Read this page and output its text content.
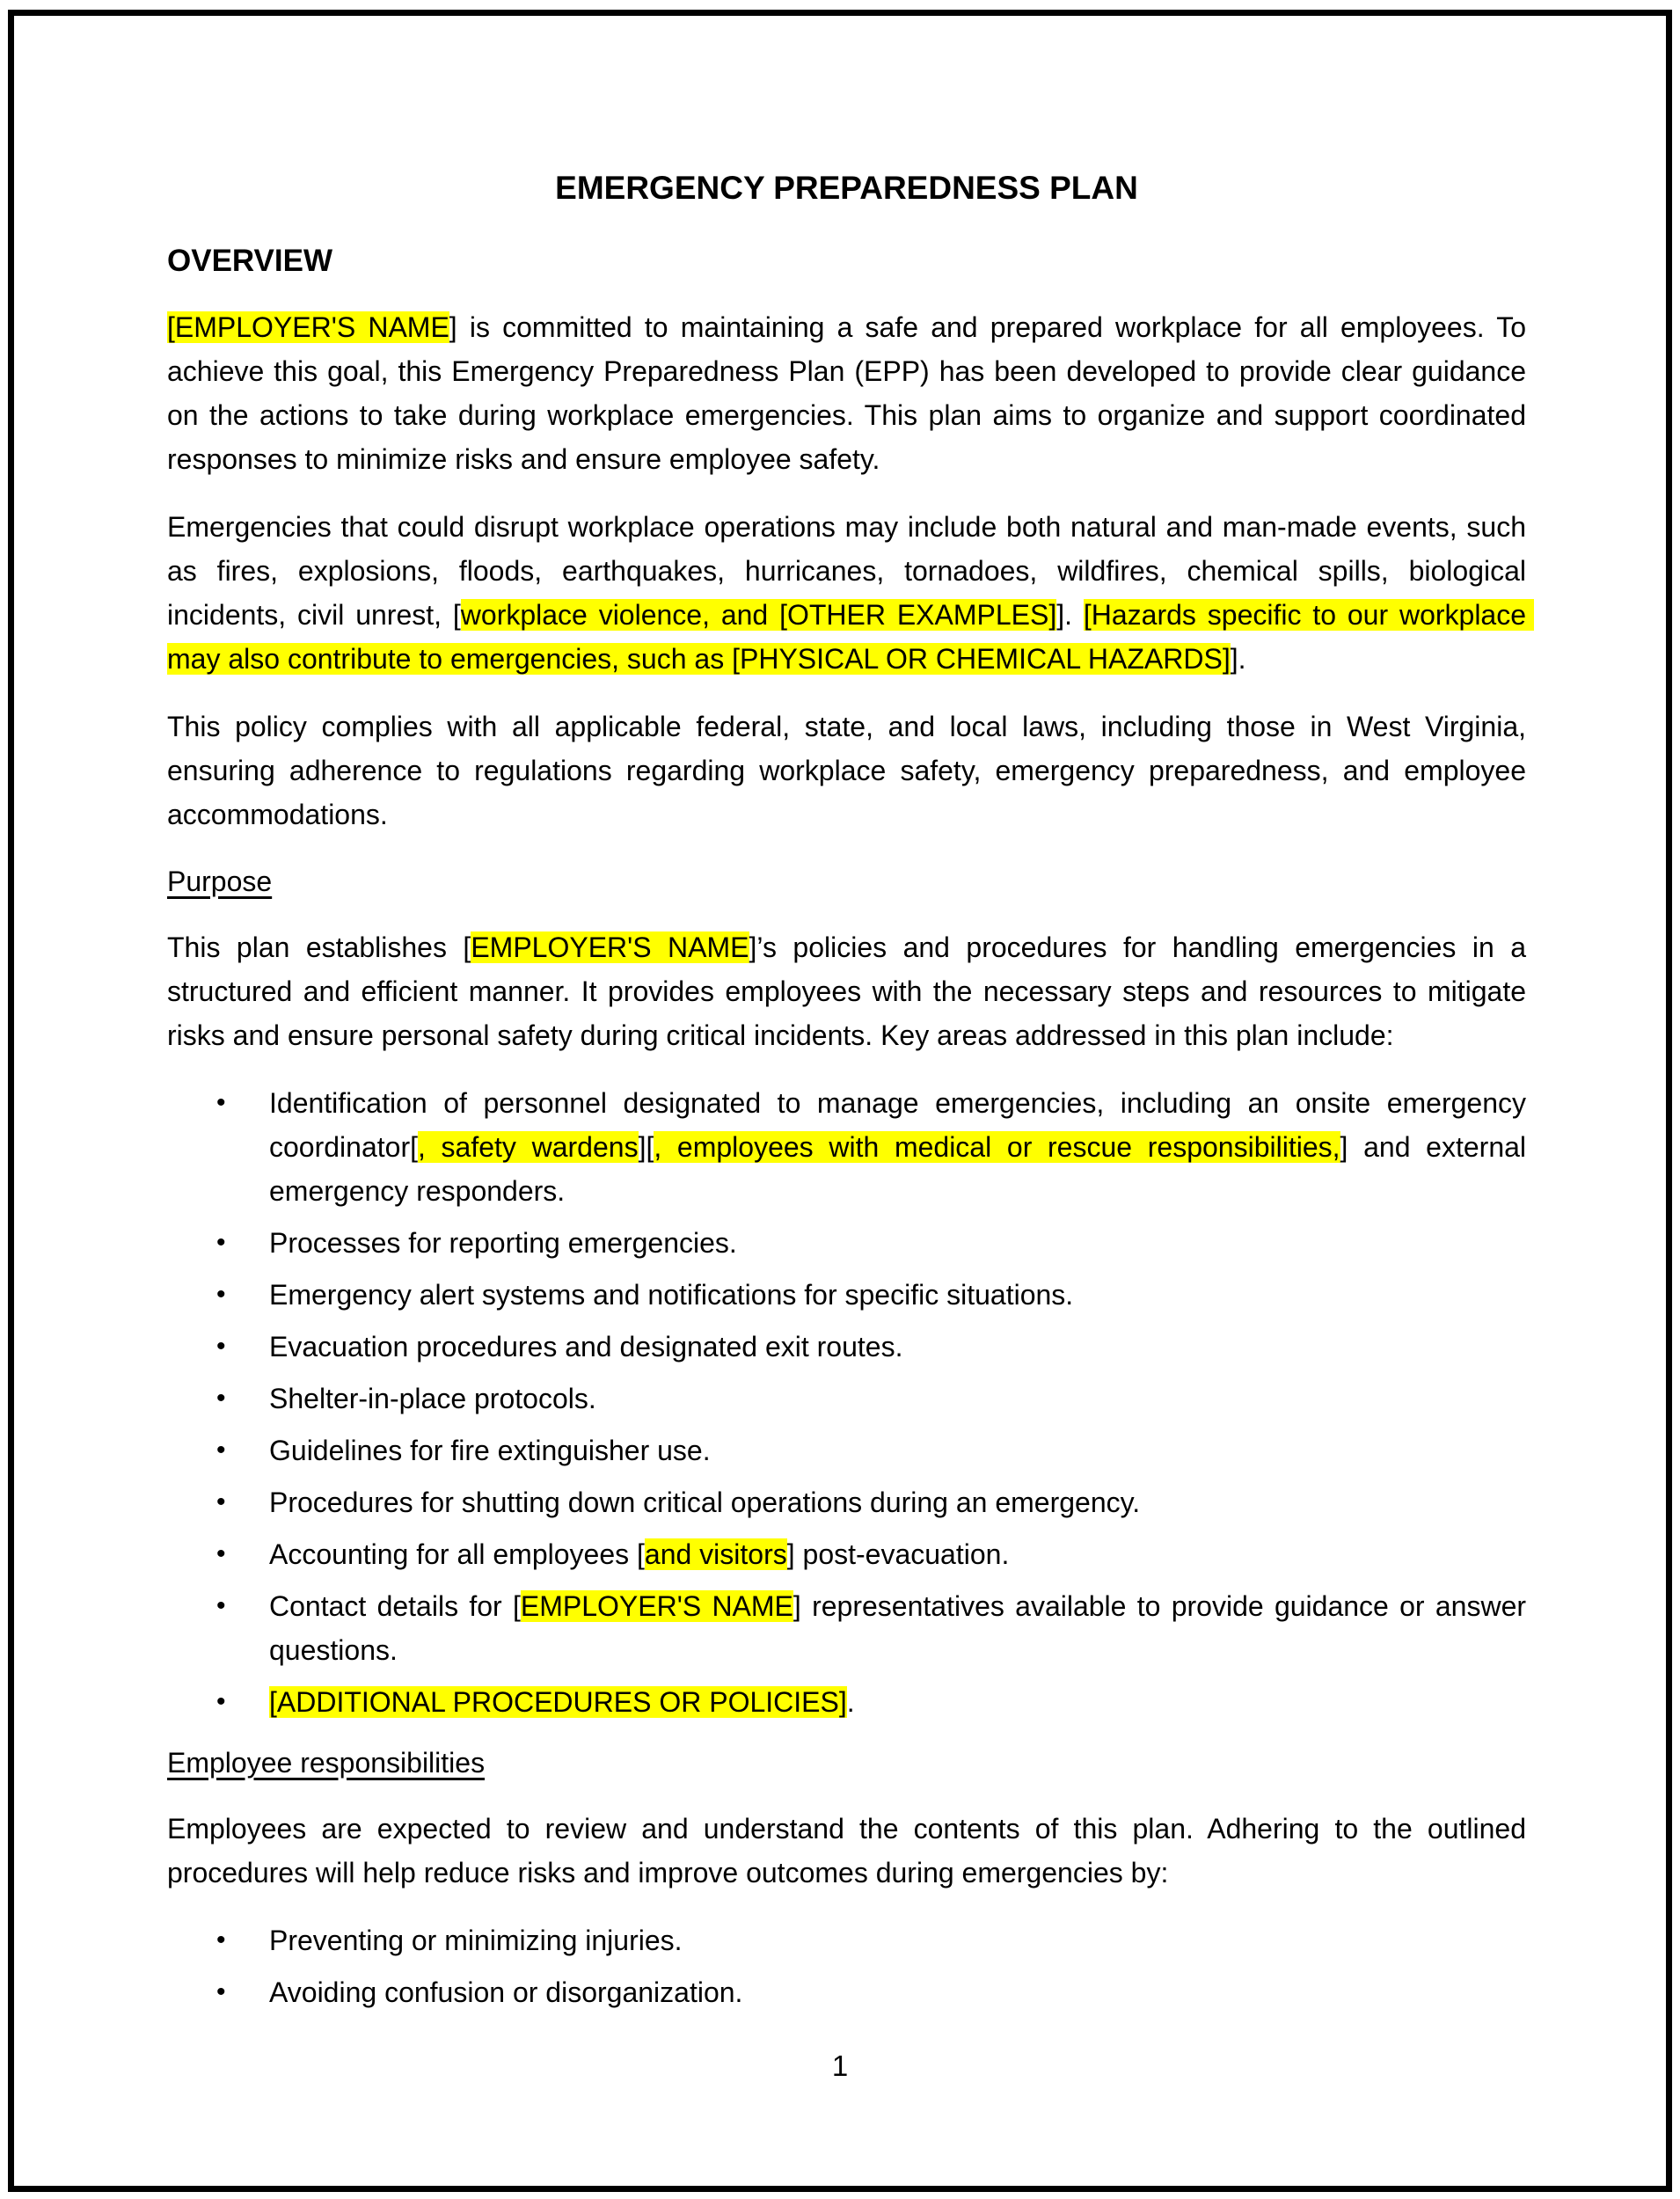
EMERGENCY PREPAREDNESS PLAN
OVERVIEW

[EMPLOYER'S NAME] is committed to maintaining a safe and prepared workplace for all employees. To achieve this goal, this Emergency Preparedness Plan (EPP) has been developed to provide clear guidance on the actions to take during workplace emergencies. This plan aims to organize and support coordinated responses to minimize risks and ensure employee safety.

Emergencies that could disrupt workplace operations may include both natural and man-made events, such as fires, explosions, floods, earthquakes, hurricanes, tornadoes, wildfires, chemical spills, biological incidents, civil unrest, [workplace violence, and [OTHER EXAMPLES]]. [Hazards specific to our workplace may also contribute to emergencies, such as [PHYSICAL OR CHEMICAL HAZARDS]].

This policy complies with all applicable federal, state, and local laws, including those in West Virginia, ensuring adherence to regulations regarding workplace safety, emergency preparedness, and employee accommodations.

Purpose

This plan establishes [EMPLOYER'S NAME]’s policies and procedures for handling emergencies in a structured and efficient manner. It provides employees with the necessary steps and resources to mitigate risks and ensure personal safety during critical incidents. Key areas addressed in this plan include:

• Identification of personnel designated to manage emergencies, including an onsite emergency coordinator[, safety wardens][, employees with medical or rescue responsibilities,] and external emergency responders.
• Processes for reporting emergencies.
• Emergency alert systems and notifications for specific situations.
• Evacuation procedures and designated exit routes.
• Shelter-in-place protocols.
• Guidelines for fire extinguisher use.
• Procedures for shutting down critical operations during an emergency.
• Accounting for all employees [and visitors] post-evacuation.
• Contact details for [EMPLOYER'S NAME] representatives available to provide guidance or answer questions.
• [ADDITIONAL PROCEDURES OR POLICIES].
Employee responsibilities

Employees are expected to review and understand the contents of this plan. Adhering to the outlined procedures will help reduce risks and improve outcomes during emergencies by:

• Preventing or minimizing injuries.
• Avoiding confusion or disorganization.
1
